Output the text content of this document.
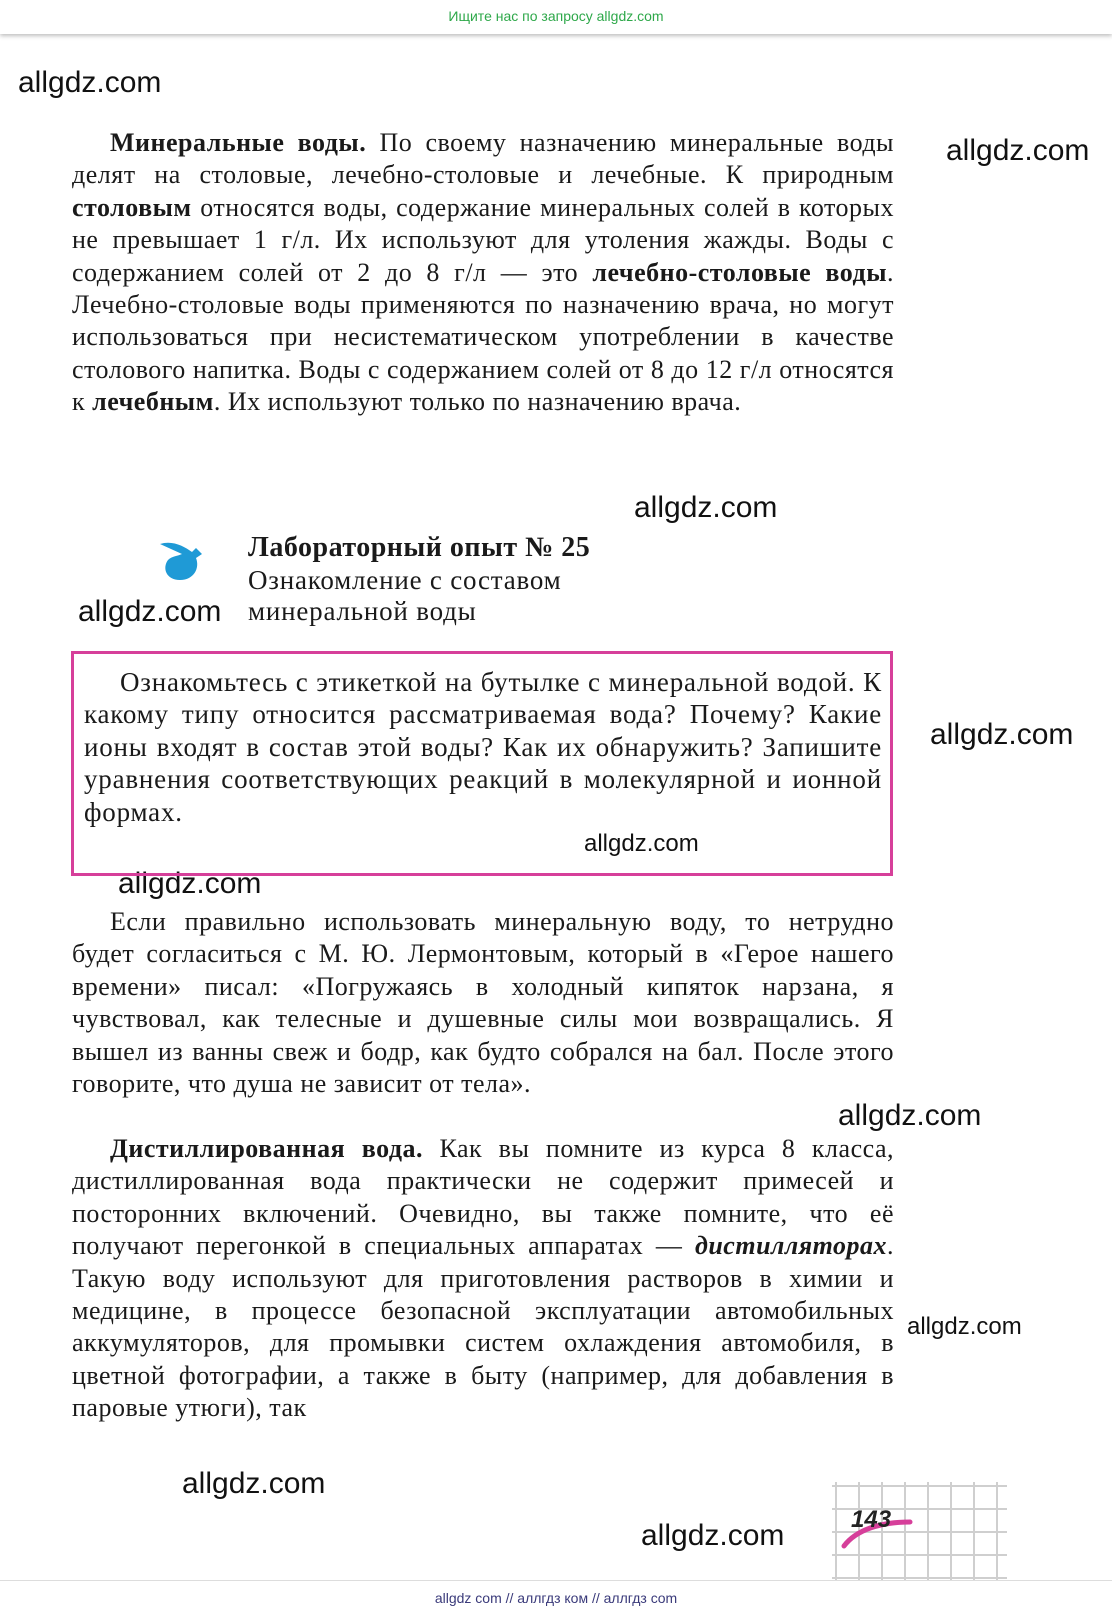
Ищите нас по запросу allgdz.com
allgdz.com
allgdz.com
allgdz.com
allgdz.com
allgdz.com
allgdz.com
allgdz.com
allgdz.com
allgdz.com
allgdz.com
allgdz.com

Минеральные воды. По своему назначению минеральные воды делят на столовые, лечебно-столовые и лечебные. К природным столовым относятся воды, содержание минеральных солей в которых не превышает 1 г/л. Их используют для утоления жажды. Воды с содержанием солей от 2 до 8 г/л — это лечебно-столовые воды. Лечебно-столовые воды применяются по назначению врача, но могут использоваться при несистематическом употреблении в качестве столового напитка. Воды с содержанием солей от 8 до 12 г/л относятся к лечебным. Их используют только по назначению врача.

Лабораторный опыт № 25
Ознакомление с составом
минеральной воды

Ознакомьтесь с этикеткой на бутылке с минеральной водой. К какому типу относится рассматриваемая вода? Почему? Какие ионы входят в состав этой воды? Как их обнаружить? Запишите уравнения соответствующих реакций в молекулярной и ионной формах.

Если правильно использовать минеральную воду, то нетрудно будет согласиться с М. Ю. Лермонтовым, который в «Герое нашего времени» писал: «Погружаясь в холодный кипяток нарзана, я чувствовал, как телесные и душевные силы мои возвращались. Я вышел из ванны свеж и бодр, как будто собрался на бал. После этого говорите, что душа не зависит от тела».

Дистиллированная вода. Как вы помните из курса 8 класса, дистиллированная вода практически не содержит примесей и посторонних включений. Очевидно, вы также помните, что её получают перегонкой в специальных аппаратах — дистилляторах. Такую воду используют для приготовления растворов в химии и медицине, в процессе безопасной эксплуатации автомобильных аккумуляторов, для промывки систем охлаждения автомобиля, в цветной фотографии, а также в быту (например, для добавления в паровые утюги), так

143
allgdz com // аллгдз ком // аллгдз com
